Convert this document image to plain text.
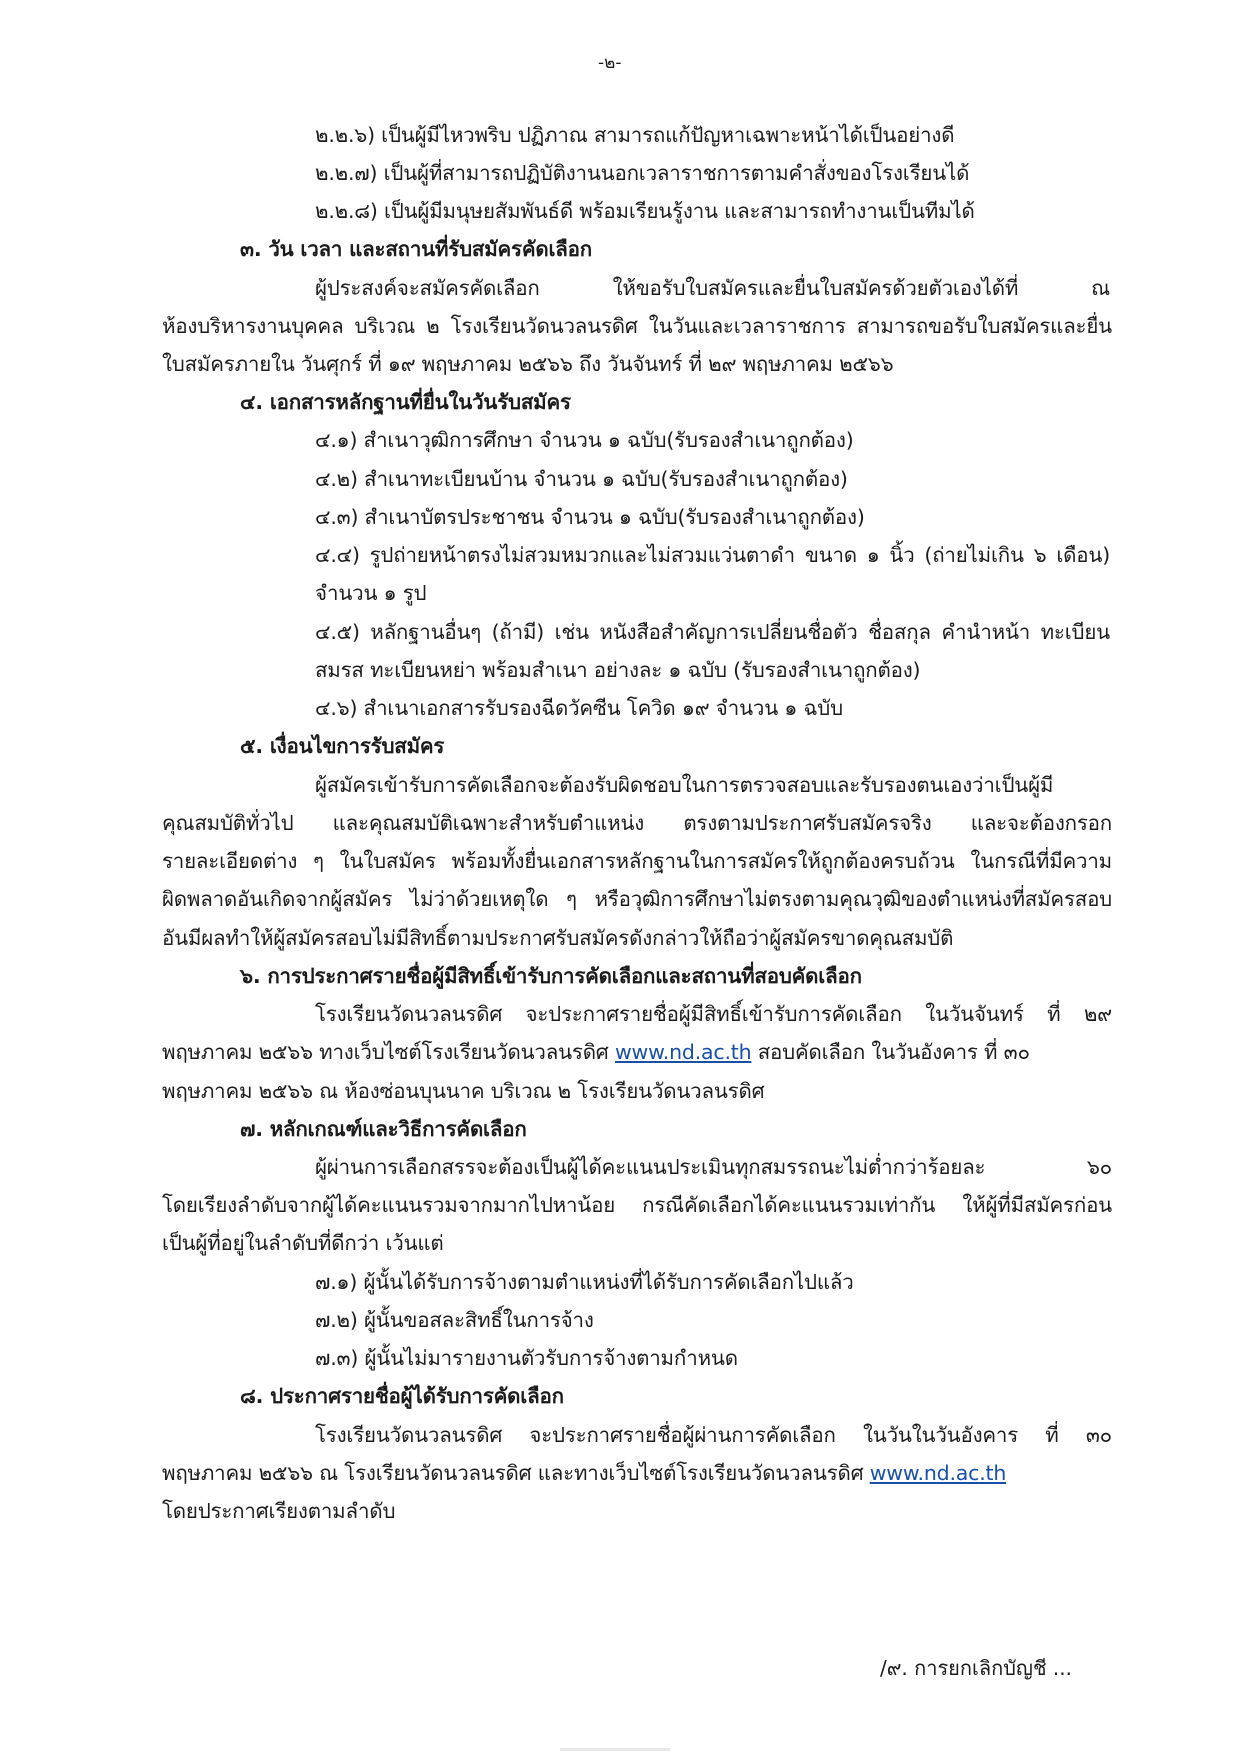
-๒-
๒.๒.๖) เป็นผู้มีไหวพริบ ปฏิภาณ สามารถแก้ปัญหาเฉพาะหน้าได้เป็นอย่างดี
๒.๒.๗) เป็นผู้ที่สามารถปฏิบัติงานนอกเวลาราชการตามคำสั่งของโรงเรียนได้
๒.๒.๘) เป็นผู้มีมนุษยสัมพันธ์ดี พร้อมเรียนรู้งาน และสามารถทำงานเป็นทีมได้
๓. วัน เวลา และสถานที่รับสมัครคัดเลือก
ผู้ประสงค์จะสมัครคัดเลือก ให้ขอรับใบสมัครและยื่นใบสมัครด้วยตัวเองได้ที่ ณ
ห้องบริหารงานบุคคล บริเวณ ๒ โรงเรียนวัดนวลนรดิศ ในวันและเวลาราชการ สามารถขอรับใบสมัครและยื่น
ใบสมัครภายใน วันศุกร์ ที่ ๑๙ พฤษภาคม ๒๕๖๖ ถึง วันจันทร์ ที่ ๒๙ พฤษภาคม ๒๕๖๖
๔. เอกสารหลักฐานที่ยื่นในวันรับสมัคร
๔.๑) สำเนาวุฒิการศึกษา จำนวน ๑ ฉบับ(รับรองสำเนาถูกต้อง)
๔.๒) สำเนาทะเบียนบ้าน จำนวน ๑ ฉบับ(รับรองสำเนาถูกต้อง)
๔.๓) สำเนาบัตรประชาชน จำนวน ๑ ฉบับ(รับรองสำเนาถูกต้อง)
๔.๔) รูปถ่ายหน้าตรงไม่สวมหมวกและไม่สวมแว่นตาดำ ขนาด ๑ นิ้ว (ถ่ายไม่เกิน ๖ เดือน)
จำนวน ๑ รูป
๔.๕) หลักฐานอื่นๆ (ถ้ามี) เช่น หนังสือสำคัญการเปลี่ยนชื่อตัว ชื่อสกุล คำนำหน้า ทะเบียน
สมรส ทะเบียนหย่า พร้อมสำเนา อย่างละ ๑ ฉบับ (รับรองสำเนาถูกต้อง)
๔.๖) สำเนาเอกสารรับรองฉีดวัคซีน โควิด ๑๙ จำนวน ๑ ฉบับ
๕. เงื่อนไขการรับสมัคร
ผู้สมัครเข้ารับการคัดเลือกจะต้องรับผิดชอบในการตรวจสอบและรับรองตนเองว่าเป็นผู้มี
คุณสมบัติทั่วไป และคุณสมบัติเฉพาะสำหรับตำแหน่ง ตรงตามประกาศรับสมัครจริง และจะต้องกรอก
รายละเอียดต่าง ๆ ในใบสมัคร พร้อมทั้งยื่นเอกสารหลักฐานในการสมัครให้ถูกต้องครบถ้วน ในกรณีที่มีความ
ผิดพลาดอันเกิดจากผู้สมัคร ไม่ว่าด้วยเหตุใด ๆ หรือวุฒิการศึกษาไม่ตรงตามคุณวุฒิของตำแหน่งที่สมัครสอบ
อันมีผลทำให้ผู้สมัครสอบไม่มีสิทธิ์ตามประกาศรับสมัครดังกล่าวให้ถือว่าผู้สมัครขาดคุณสมบัติ
๖. การประกาศรายชื่อผู้มีสิทธิ์เข้ารับการคัดเลือกและสถานที่สอบคัดเลือก
โรงเรียนวัดนวลนรดิศ จะประกาศรายชื่อผู้มีสิทธิ์เข้ารับการคัดเลือก ในวันจันทร์ ที่ ๒๙
พฤษภาคม ๒๕๖๖ ทางเว็บไซต์โรงเรียนวัดนวลนรดิศ www.nd.ac.th สอบคัดเลือก ในวันอังคาร ที่ ๓๐
พฤษภาคม ๒๕๖๖ ณ ห้องซ่อนบุนนาค บริเวณ ๒ โรงเรียนวัดนวลนรดิศ
๗. หลักเกณฑ์และวิธีการคัดเลือก
ผู้ผ่านการเลือกสรรจะต้องเป็นผู้ได้คะแนนประเมินทุกสมรรถนะไม่ต่ำกว่าร้อยละ ๖๐
โดยเรียงลำดับจากผู้ได้คะแนนรวมจากมากไปหาน้อย กรณีคัดเลือกได้คะแนนรวมเท่ากัน ให้ผู้ที่มีสมัครก่อน
เป็นผู้ที่อยู่ในลำดับที่ดีกว่า เว้นแต่
๗.๑) ผู้นั้นได้รับการจ้างตามตำแหน่งที่ได้รับการคัดเลือกไปแล้ว
๗.๒) ผู้นั้นขอสละสิทธิ์ในการจ้าง
๗.๓) ผู้นั้นไม่มารายงานตัวรับการจ้างตามกำหนด
๘. ประกาศรายชื่อผู้ได้รับการคัดเลือก
โรงเรียนวัดนวลนรดิศ จะประกาศรายชื่อผู้ผ่านการคัดเลือก ในวันในวันอังคาร ที่ ๓๐
พฤษภาคม ๒๕๖๖ ณ โรงเรียนวัดนวลนรดิศ และทางเว็บไซต์โรงเรียนวัดนวลนรดิศ www.nd.ac.th
โดยประกาศเรียงตามลำดับ
/๙. การยกเลิกบัญชี ...
